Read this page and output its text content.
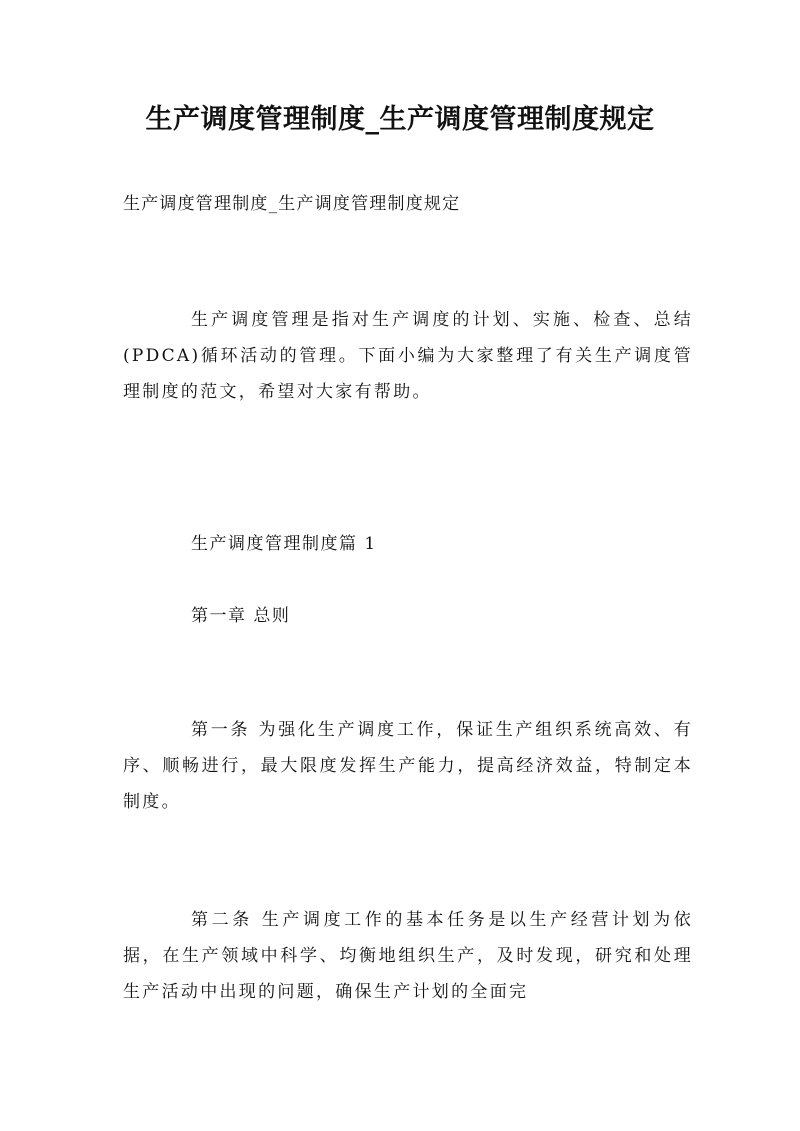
生产调度管理制度_生产调度管理制度规定

生产调度管理制度_生产调度管理制度规定

生产调度管理是指对生产调度的计划、实施、检查、总结(PDCA)循环活动的管理。下面小编为大家整理了有关生产调度管理制度的范文，希望对大家有帮助。

生产调度管理制度篇 1

第一章 总则

第一条 为强化生产调度工作，保证生产组织系统高效、有序、顺畅进行，最大限度发挥生产能力，提高经济效益，特制定本制度。

第二条 生产调度工作的基本任务是以生产经营计划为依据，在生产领域中科学、均衡地组织生产，及时发现，研究和处理生产活动中出现的问题，确保生产计划的全面完
